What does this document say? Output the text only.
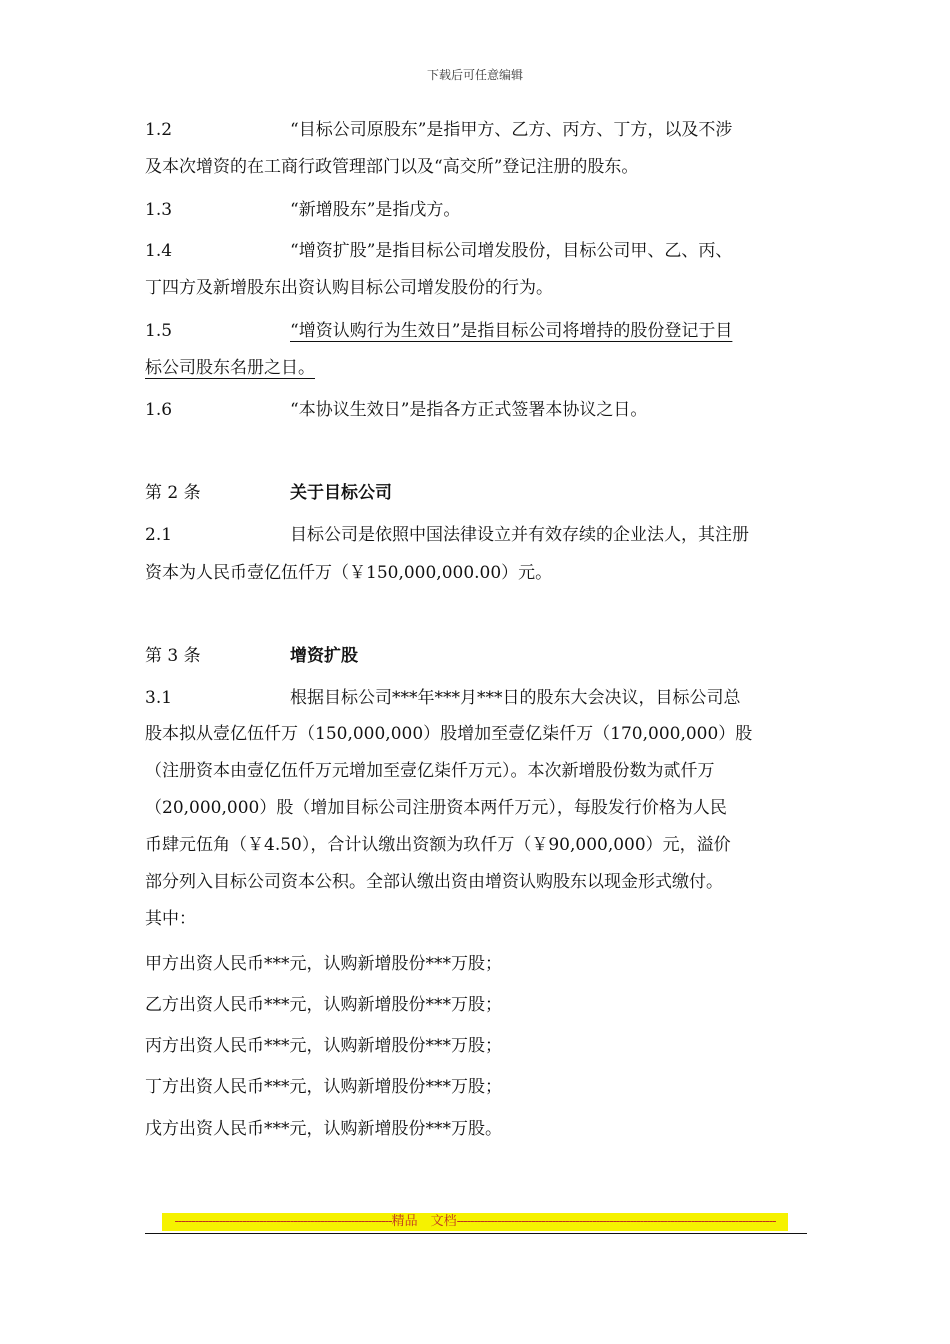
下载后可任意编辑
1.2	“目标公司原股东”是指甲方、乙方、丙方、丁方，以及不涉
及本次增资的在工商行政管理部门以及“高交所”登记注册的股东。
1.3	“新增股东”是指戊方。
1.4	“增资扩股”是指目标公司增发股份，目标公司甲、乙、丙、
丁四方及新增股东出资认购目标公司增发股份的行为。
1.5	“增资认购行为生效日”是指目标公司将增持的股份登记于目
标公司股东名册之日。
1.6	“本协议生效日”是指各方正式签署本协议之日。
第 2 条	关于目标公司
2.1	目标公司是依照中国法律设立并有效存续的企业法人，其注册
资本为人民币壹亿伍仟万（￥150,000,000.00）元。
第 3 条	增资扩股
3.1	根据目标公司***年***月***日的股东大会决议，目标公司总
股本拟从壹亿伍仟万（150,000,000）股增加至壹亿柒仟万（170,000,000）股
（注册资本由壹亿伍仟万元增加至壹亿柒仟万元）。本次新增股份数为贰仟万
（20,000,000）股（增加目标公司注册资本两仟万元），每股发行价格为人民
币肆元伍角（￥4.50），合计认缴出资额为玖仟万（￥90,000,000）元，溢价
部分列入目标公司资本公积。全部认缴出资由增资认购股东以现金形式缴付。
其中：
甲方出资人民币***元，认购新增股份***万股；
乙方出资人民币***元，认购新增股份***万股；
丙方出资人民币***元，认购新增股份***万股；
丁方出资人民币***元，认购新增股份***万股；
戊方出资人民币***元，认购新增股份***万股。
----------------------------------------------------------------精品　文档----------------------------------------------------------------------------------------------
